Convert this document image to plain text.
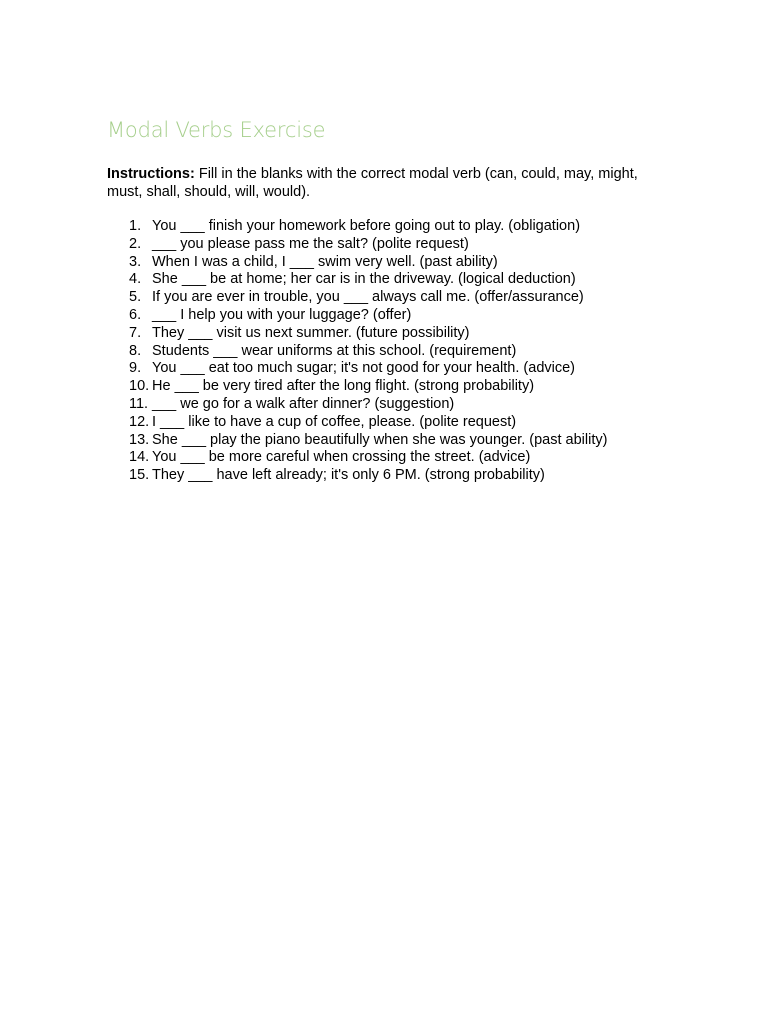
Modal Verbs Exercise

Instructions: Fill in the blanks with the correct modal verb (can, could, may, might, must, shall, should, will, would).

1. You ___ finish your homework before going out to play. (obligation)
2. ___ you please pass me the salt? (polite request)
3. When I was a child, I ___ swim very well. (past ability)
4. She ___ be at home; her car is in the driveway. (logical deduction)
5. If you are ever in trouble, you ___ always call me. (offer/assurance)
6. ___ I help you with your luggage? (offer)
7. They ___ visit us next summer. (future possibility)
8. Students ___ wear uniforms at this school. (requirement)
9. You ___ eat too much sugar; it's not good for your health. (advice)
10. He ___ be very tired after the long flight. (strong probability)
11. ___ we go for a walk after dinner? (suggestion)
12. I ___ like to have a cup of coffee, please. (polite request)
13. She ___ play the piano beautifully when she was younger. (past ability)
14. You ___ be more careful when crossing the street. (advice)
15. They ___ have left already; it's only 6 PM. (strong probability)
